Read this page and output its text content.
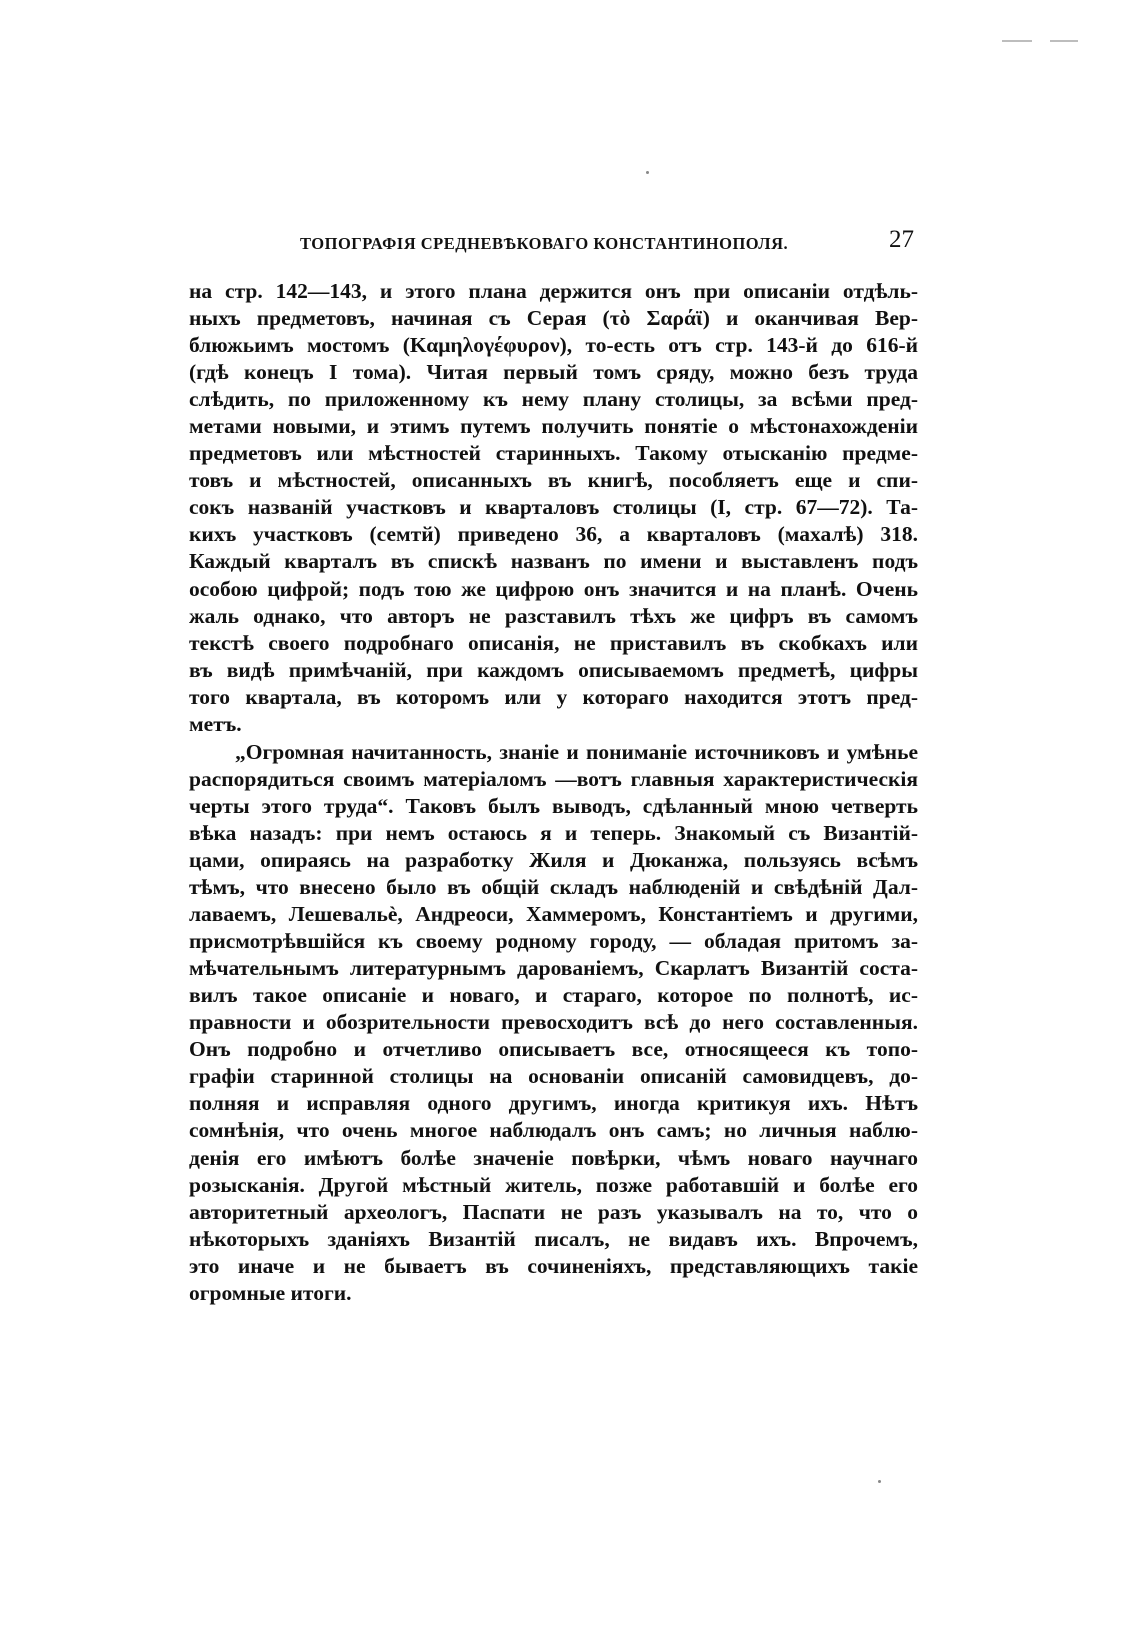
ТОПОГРАФІЯ СРЕДНЕВѢКОВАГО КОНСТАНТИНОПОЛЯ.	27
на стр. 142—143, и этого плана держится онъ при описаніи отдѣль-
ныхъ предметовъ, начиная съ Серая (τὸ Σαράϊ) и оканчивая Вер-
блюжьимъ мостомъ (Καμηλογέφυρον), то-есть отъ стр. 143-й до 616-й
(гдѣ конецъ I тома). Читая первый томъ сряду, можно безъ труда
слѣдить, по приложенному къ нему плану столицы, за всѣми пред-
метами новыми, и этимъ путемъ получить понятіе о мѣстонахожденіи
предметовъ или мѣстностей старинныхъ. Такому отысканію предме-
товъ и мѣстностей, описанныхъ въ книгѣ, пособляетъ еще и спи-
сокъ названій участковъ и кварталовъ столицы (I, стр. 67—72). Та-
кихъ участковъ (семтй) приведено 36, а кварталовъ (махалѣ) 318.
Каждый кварталъ въ спискѣ названъ по имени и выставленъ подъ
особою цифрой; подъ тою же цифрою онъ значится и на планѣ. Очень
жаль однако, что авторъ не разставилъ тѣхъ же цифръ въ самомъ
текстѣ своего подробнаго описанія, не приставилъ въ скобкахъ или
въ видѣ примѣчаній, при каждомъ описываемомъ предметѣ, цифры
того квартала, въ которомъ или у котораго находится этотъ пред-
метъ.
„Огромная начитанность, знаніе и пониманіе источниковъ и умѣнье
распорядиться своимъ матеріаломъ —вотъ главныя характеристическія
черты этого труда“. Таковъ былъ выводъ, сдѣланный мною четверть
вѣка назадъ: при немъ остаюсь я и теперь. Знакомый съ Византій-
цами, опираясь на разработку Жиля и Дюканжа, пользуясь всѣмъ
тѣмъ, что внесено было въ общій складъ наблюденій и свѣдѣній Дал-
лаваемъ, Лешевальè, Андреоси, Хаммеромъ, Константіемъ и другими,
присмотрѣвшійся къ своему родному городу, — обладая притомъ за-
мѣчательнымъ литературнымъ дарованіемъ, Скарлатъ Византій соста-
вилъ такое описаніе и новаго, и стараго, которое по полнотѣ, ис-
правности и обозрительности превосходитъ всѣ до него составленныя.
Онъ подробно и отчетливо описываетъ все, относящееся къ топо-
графіи старинной столицы на основаніи описаній самовидцевъ, до-
полняя и исправляя одного другимъ, иногда критикуя ихъ. Нѣтъ
сомнѣнія, что очень многое наблюдалъ онъ самъ; но личныя наблю-
денія его имѣютъ болѣе значеніе повѣрки, чѣмъ новаго научнаго
розысканія. Другой мѣстный житель, позже работавшій и болѣе его
авторитетный археологъ, Паспати не разъ указывалъ на то, что о
нѣкоторыхъ зданіяхъ Византій писалъ, не видавъ ихъ. Впрочемъ,
это иначе и не бываетъ въ сочиненіяхъ, представляющихъ такіе
огромные итоги.
